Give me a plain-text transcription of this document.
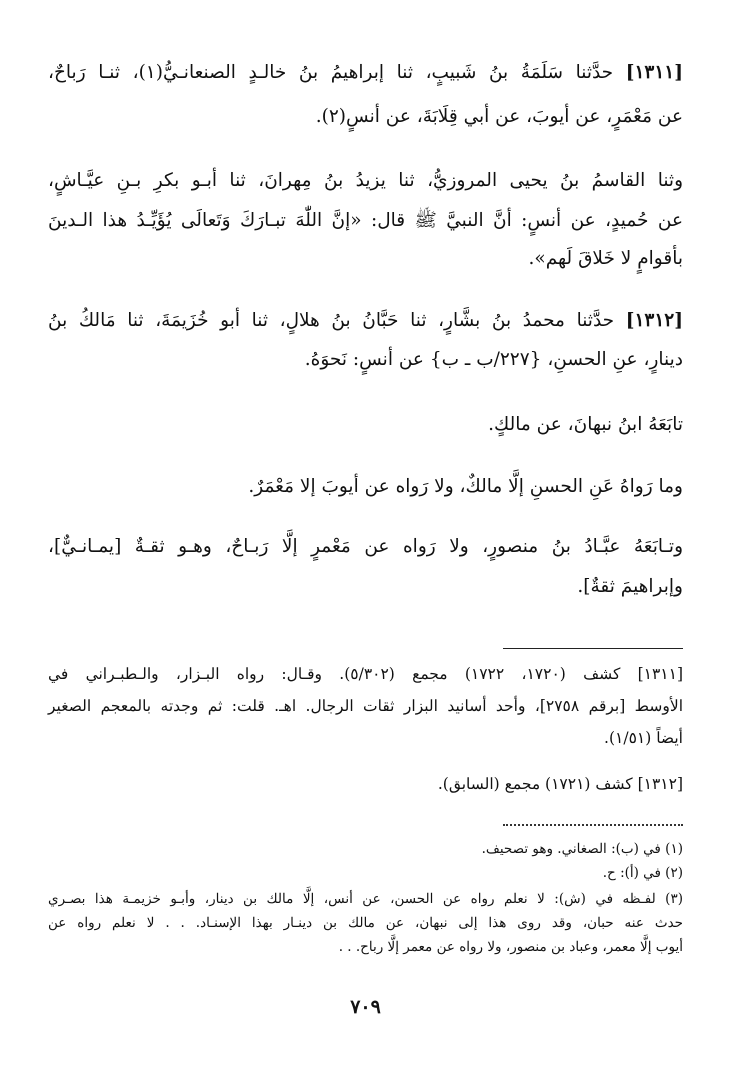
[١٣١١] حدَّثنا سَلَمَةُ بنُ شَبيبٍ، ثنا إبراهيمُ بنُ خالـدٍ الصنعانـيُّ(١)، ثنـا رَباحٌ،
عن مَعْمَرٍ، عن أيوبَ، عن أبي قِلَابَةَ، عن أنسٍ(٢).
وثنا القاسمُ بنُ يحيى المروزيُّ، ثنا يزيدُ بنُ مِهرانَ، ثنا أبـو بكرِ بـنِ عيَّـاشٍ،
عن حُميدٍ، عن أنسٍ: أنَّ النبيَّ ﷺ قال: «إنَّ اللّٰهَ تبـارَكَ وَتَعالَى يُؤَيِّـدُ هذا الـدينَ
بأقوامٍ لا خَلاقَ لَهم».
[١٣١٢] حدَّثنا محمدُ بنُ بشَّارٍ، ثنا حَبَّانُ بنُ هلالٍ، ثنا أبو خُزَيمَةَ، ثنا مَالكُ بنُ
دينارٍ، عنِ الحسنِ، {٢٢٧/ب ـ ب} عن أنسٍ: نَحوَهُ.
تابَعَهُ ابنُ نبهانَ، عن مالكٍ.
وما رَواهُ عَنِ الحسنِ إلَّا مالكٌ، ولا رَواه عن أيوبَ إلا مَعْمَرٌ.
وتـابَعَهُ عبَّـادُ بنُ منصورٍ، ولا رَواه عن مَعْمرٍ إلَّا رَبـاحٌ، وهـو ثقـةٌ [يمـانـيٌّ]،
وإبراهيمَ ثقةٌ].
[١٣١١] كشف (١٧٢٠، ١٧٢٢) مجمع (٥/٣٠٢). وقـال: رواه البـزار، والـطبـراني في
الأوسط [برقم ٢٧٥٨]، وأحد أسانيد البزار ثقات الرجال. اهـ. قلت: ثم وجدته بالمعجم الصغير
أيضاً (١/٥١).
[١٣١٢] كشف (١٧٢١) مجمع (السابق).
(١) في (ب): الصغاني. وهو تصحيف.
(٢) في (أ): ح.
(٣) لفـظه في (ش): لا نعلم رواه عن الحسن، عن أنس، إلَّا مالك بن دينار، وأبـو خزيمـة هذا بصـري
حدث عنه حبان، وقد روى هذا إلى نبهان، عن مالك بن دينـار بهذا الإسنـاد. . . لا نعلم رواه عن
أيوب إلَّا معمر، وعباد بن منصور، ولا رواه عن معمر إلَّا رباح. . .
٧٠٩
